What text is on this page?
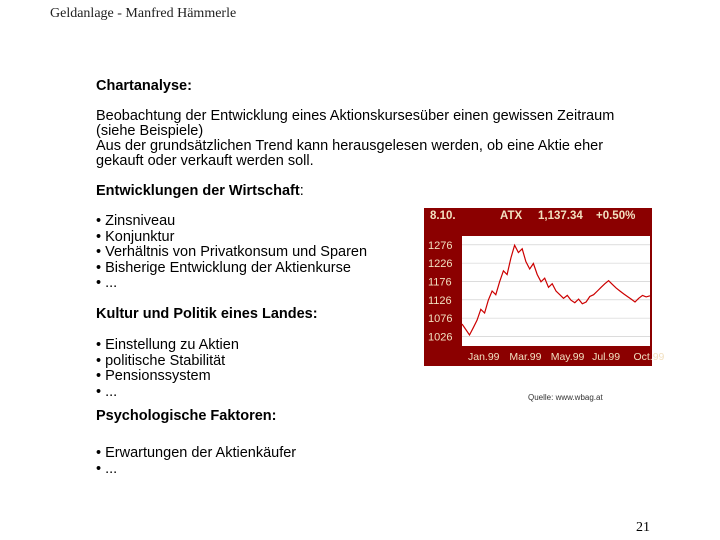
Geldanlage - Manfred Hämmerle
Chartanalyse:
Beobachtung der Entwicklung eines Aktionskursesüber einen gewissen Zeitraum
(siehe Beispiele)
Aus der grundsätzlichen Trend kann herausgelesen werden, ob eine Aktie eher
gekauft oder verkauft werden soll.
Entwicklungen der Wirtschaft:
• Zinsniveau
• Konjunktur
• Verhältnis von Privatkonsum und Sparen
• Bisherige Entwicklung der Aktienkurse
• ...
Kultur und Politik eines Landes:
• Einstellung zu Aktien
• politische Stabilität
• Pensionssystem
• ...
Psychologische Faktoren:
• Erwartungen der Aktienkäufer
• ...
8.10.	ATX 1,137.34 +0.50%
1276
1226
1176
1126
1076
1026
Jan.99 Mar.99 May.99 Jul.99 Oct.99
Quelle: www.wbag.at
21
